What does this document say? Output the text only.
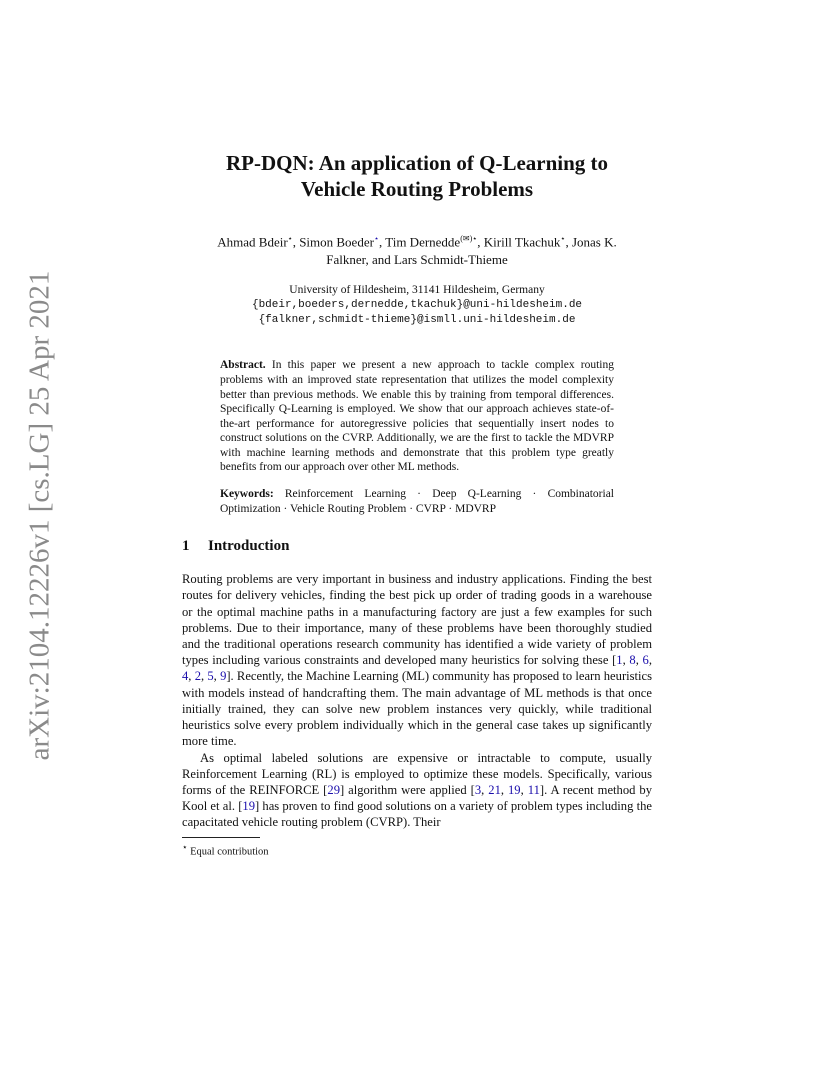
arXiv:2104.12226v1 [cs.LG] 25 Apr 2021
RP-DQN: An application of Q-Learning to
Vehicle Routing Problems
Ahmad Bdeir⋆, Simon Boeder⋆, Tim Dernedde(✉)⋆, Kirill Tkachuk⋆, Jonas K.
Falkner, and Lars Schmidt-Thieme
University of Hildesheim, 31141 Hildesheim, Germany
{bdeir,boeders,dernedde,tkachuk}@uni-hildesheim.de
{falkner,schmidt-thieme}@ismll.uni-hildesheim.de
Abstract. In this paper we present a new approach to tackle complex routing problems with an improved state representation that utilizes the model complexity better than previous methods. We enable this by training from temporal differences. Specifically Q-Learning is employed. We show that our approach achieves state-of-the-art performance for autoregressive policies that sequentially insert nodes to construct solutions on the CVRP. Additionally, we are the first to tackle the MDVRP with machine learning methods and demonstrate that this problem type greatly benefits from our approach over other ML methods.
Keywords: Reinforcement Learning · Deep Q-Learning · Combinatorial Optimization · Vehicle Routing Problem · CVRP · MDVRP
1 Introduction

Routing problems are very important in business and industry applications. Finding the best routes for delivery vehicles, finding the best pick up order of trading goods in a warehouse or the optimal machine paths in a manufacturing factory are just a few examples for such problems. Due to their importance, many of these problems have been thoroughly studied and the traditional operations research community has identified a wide variety of problem types including various constraints and developed many heuristics for solving these [1, 8, 6, 4, 2, 5, 9]. Recently, the Machine Learning (ML) community has proposed to learn heuristics with models instead of handcrafting them. The main advantage of ML methods is that once initially trained, they can solve new problem instances very quickly, while traditional heuristics solve every problem individually which in the general case takes up significantly more time.

As optimal labeled solutions are expensive or intractable to compute, usually Reinforcement Learning (RL) is employed to optimize these models. Specifically, various forms of the REINFORCE [29] algorithm were applied [3, 21, 19, 11]. A recent method by Kool et al. [19] has proven to find good solutions on a variety of problem types including the capacitated vehicle routing problem (CVRP). Their

⋆ Equal contribution
